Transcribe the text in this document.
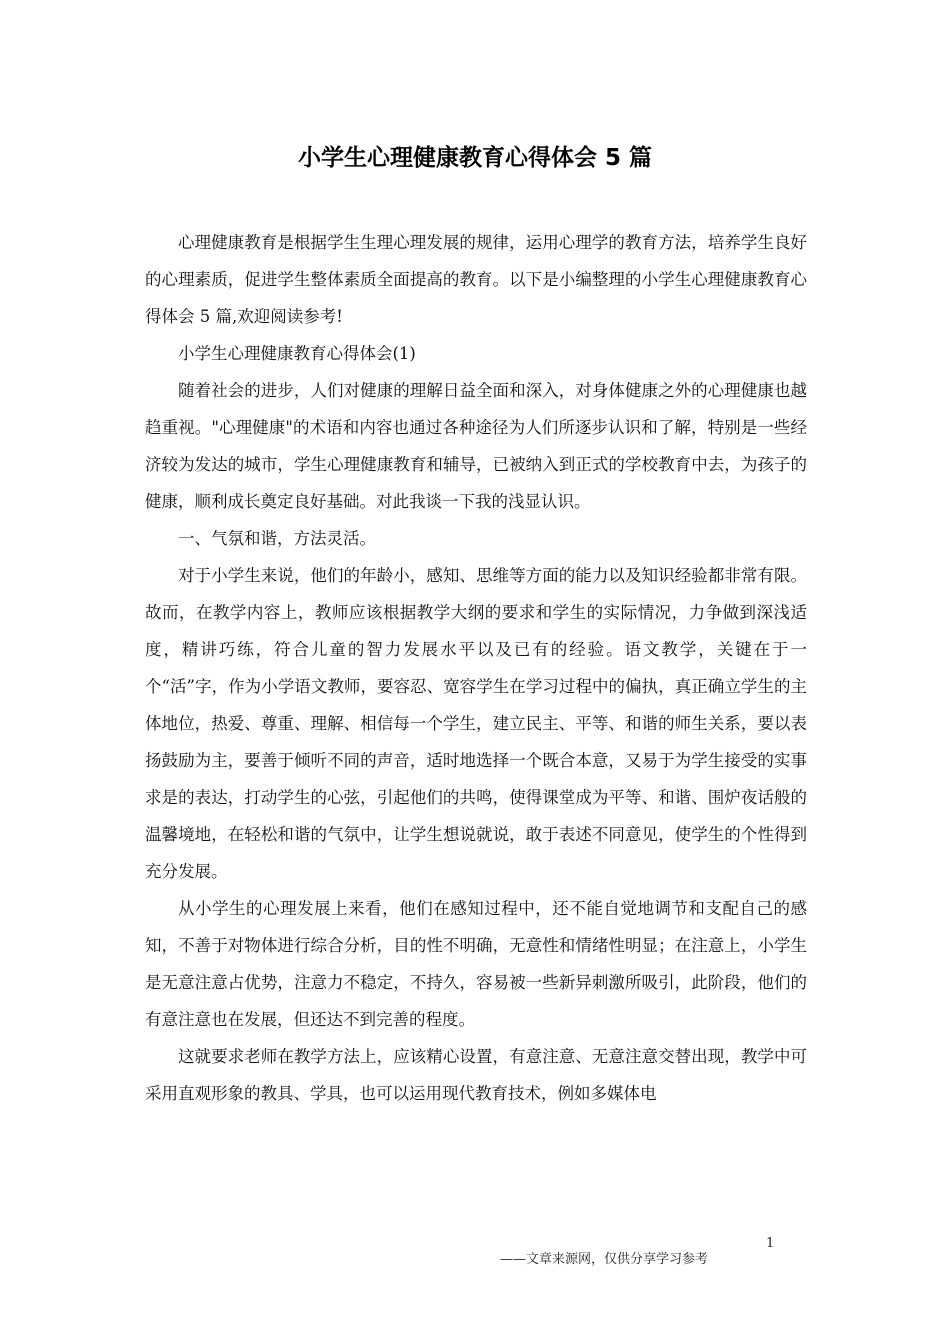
小学生心理健康教育心得体会 5 篇

心理健康教育是根据学生生理心理发展的规律，运用心理学的教育方法，培养学生良好的心理素质，促进学生整体素质全面提高的教育。以下是小编整理的小学生心理健康教育心得体会 5 篇,欢迎阅读参考!

小学生心理健康教育心得体会(1)

随着社会的进步，人们对健康的理解日益全面和深入，对身体健康之外的心理健康也越趋重视。"心理健康"的术语和内容也通过各种途径为人们所逐步认识和了解，特别是一些经济较为发达的城市，学生心理健康教育和辅导，已被纳入到正式的学校教育中去，为孩子的健康，顺利成长奠定良好基础。对此我谈一下我的浅显认识。

一、气氛和谐，方法灵活。

对于小学生来说，他们的年龄小，感知、思维等方面的能力以及知识经验都非常有限。故而，在教学内容上，教师应该根据教学大纲的要求和学生的实际情况，力争做到深浅适度，精讲巧练，符合儿童的智力发展水平以及已有的经验。语文教学，关键在于一个“活”字，作为小学语文教师，要容忍、宽容学生在学习过程中的偏执，真正确立学生的主体地位，热爱、尊重、理解、相信每一个学生，建立民主、平等、和谐的师生关系，要以表扬鼓励为主，要善于倾听不同的声音，适时地选择一个既合本意，又易于为学生接受的实事求是的表达，打动学生的心弦，引起他们的共鸣，使得课堂成为平等、和谐、围炉夜话般的温馨境地，在轻松和谐的气氛中，让学生想说就说，敢于表述不同意见，使学生的个性得到充分发展。

从小学生的心理发展上来看，他们在感知过程中，还不能自觉地调节和支配自己的感知，不善于对物体进行综合分析，目的性不明确，无意性和情绪性明显；在注意上，小学生是无意注意占优势，注意力不稳定，不持久，容易被一些新异刺激所吸引，此阶段，他们的有意注意也在发展，但还达不到完善的程度。

这就要求老师在教学方法上，应该精心设置，有意注意、无意注意交替出现，教学中可采用直观形象的教具、学具，也可以运用现代教育技术，例如多媒体电

1
——文章来源网，仅供分享学习参考
